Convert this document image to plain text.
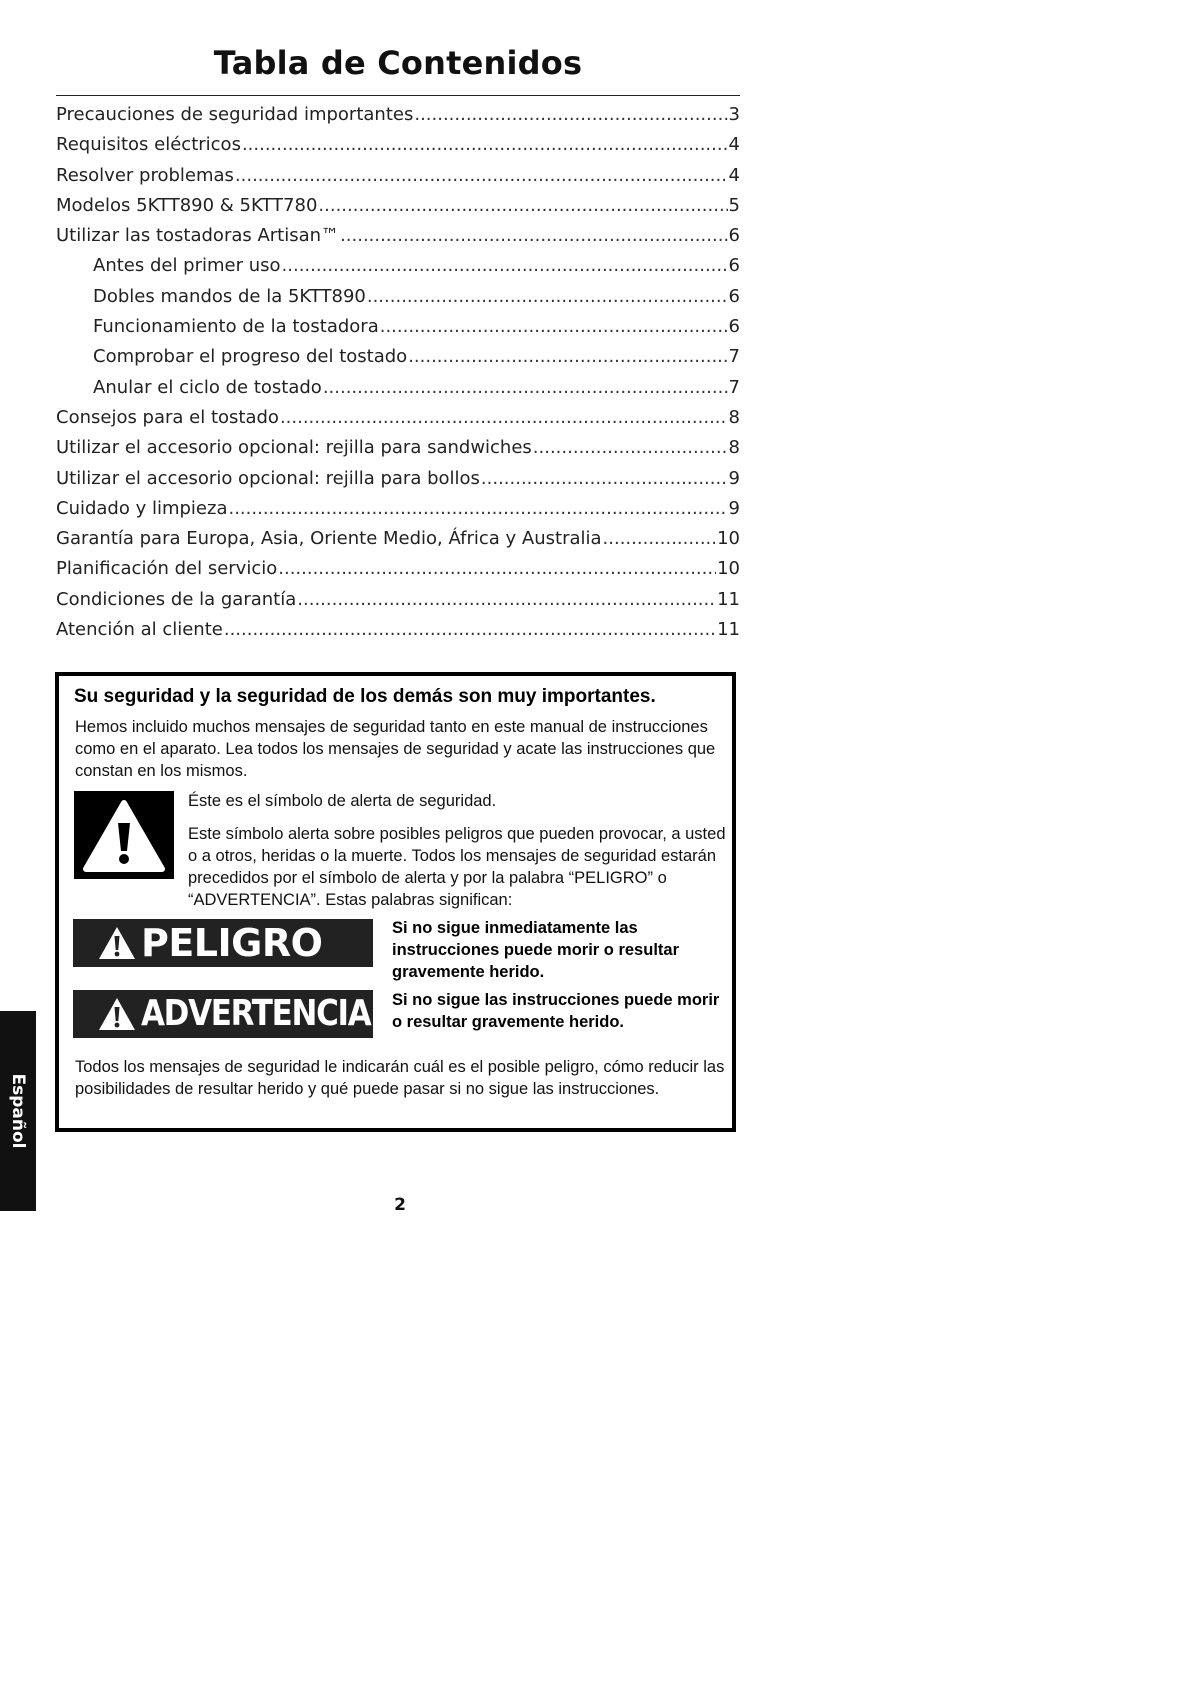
Tabla de Contenidos
Precauciones de seguridad importantes .....	3
Requisitos eléctricos .....	4
Resolver problemas .....	4
Modelos 5KTT890 & 5KTT780 .....	5
Utilizar las tostadoras Artisan™ .....	6
Antes del primer uso .....	6
Dobles mandos de la 5KTT890 .....	6
Funcionamiento de la tostadora .....	6
Comprobar el progreso del tostado .....	7
Anular el ciclo de tostado .....	7
Consejos para el tostado .....	8
Utilizar el accesorio opcional: rejilla para sandwiches .....	8
Utilizar el accesorio opcional: rejilla para bollos .....	9
Cuidado y limpieza .....	9
Garantía para Europa, Asia, Oriente Medio, África y Australia .....	10
Planificación del servicio .....	10
Condiciones de la garantía .....	11
Atención al cliente .....	11
Su seguridad y la seguridad de los demás son muy importantes.
Hemos incluido muchos mensajes de seguridad tanto en este manual de instrucciones como en el aparato. Lea todos los mensajes de seguridad y acate las instrucciones que constan en los mismos.
Éste es el símbolo de alerta de seguridad.
Este símbolo alerta sobre posibles peligros que pueden provocar, a usted o a otros, heridas o la muerte. Todos los mensajes de seguridad estarán precedidos por el símbolo de alerta y por la palabra “PELIGRO” o “ADVERTENCIA”. Estas palabras significan:
PELIGRO	Si no sigue inmediatamente las instrucciones puede morir o resultar gravemente herido.
ADVERTENCIA Si no sigue las instrucciones puede morir o resultar gravemente herido.
Todos los mensajes de seguridad le indicarán cuál es el posible peligro, cómo reducir las posibilidades de resultar herido y qué puede pasar si no sigue las instrucciones.
2
Español
